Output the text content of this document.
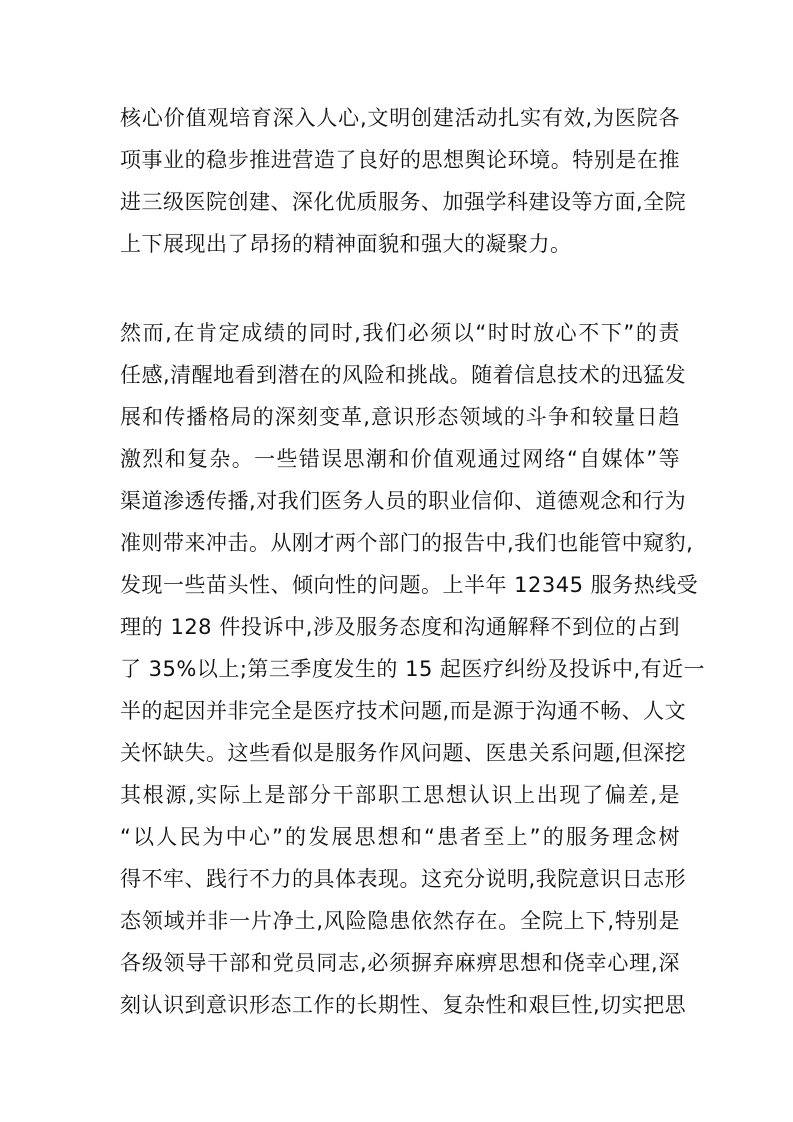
核心价值观培育深入人心,文明创建活动扎实有效,为医院各
项事业的稳步推进营造了良好的思想舆论环境。特别是在推
进三级医院创建、深化优质服务、加强学科建设等方面,全院
上下展现出了昂扬的精神面貌和强大的凝聚力。
然而,在肯定成绩的同时,我们必须以“时时放心不下”的责
任感,清醒地看到潜在的风险和挑战。随着信息技术的迅猛发
展和传播格局的深刻变革,意识形态领域的斗争和较量日趋
激烈和复杂。一些错误思潮和价值观通过网络“自媒体”等
渠道渗透传播,对我们医务人员的职业信仰、道德观念和行为
准则带来冲击。从刚才两个部门的报告中,我们也能管中窥豹,
发现一些苗头性、倾向性的问题。上半年 12345 服务热线受
理的 128 件投诉中,涉及服务态度和沟通解释不到位的占到
了 35%以上;第三季度发生的 15 起医疗纠纷及投诉中,有近一
半的起因并非完全是医疗技术问题,而是源于沟通不畅、人文
关怀缺失。这些看似是服务作风问题、医患关系问题,但深挖
其根源,实际上是部分干部职工思想认识上出现了偏差,是
“以人民为中心”的发展思想和“患者至上”的服务理念树
得不牢、践行不力的具体表现。这充分说明,我院意识日志形
态领域并非一片净土,风险隐患依然存在。全院上下,特别是
各级领导干部和党员同志,必须摒弃麻痹思想和侥幸心理,深
刻认识到意识形态工作的长期性、复杂性和艰巨性,切实把思
